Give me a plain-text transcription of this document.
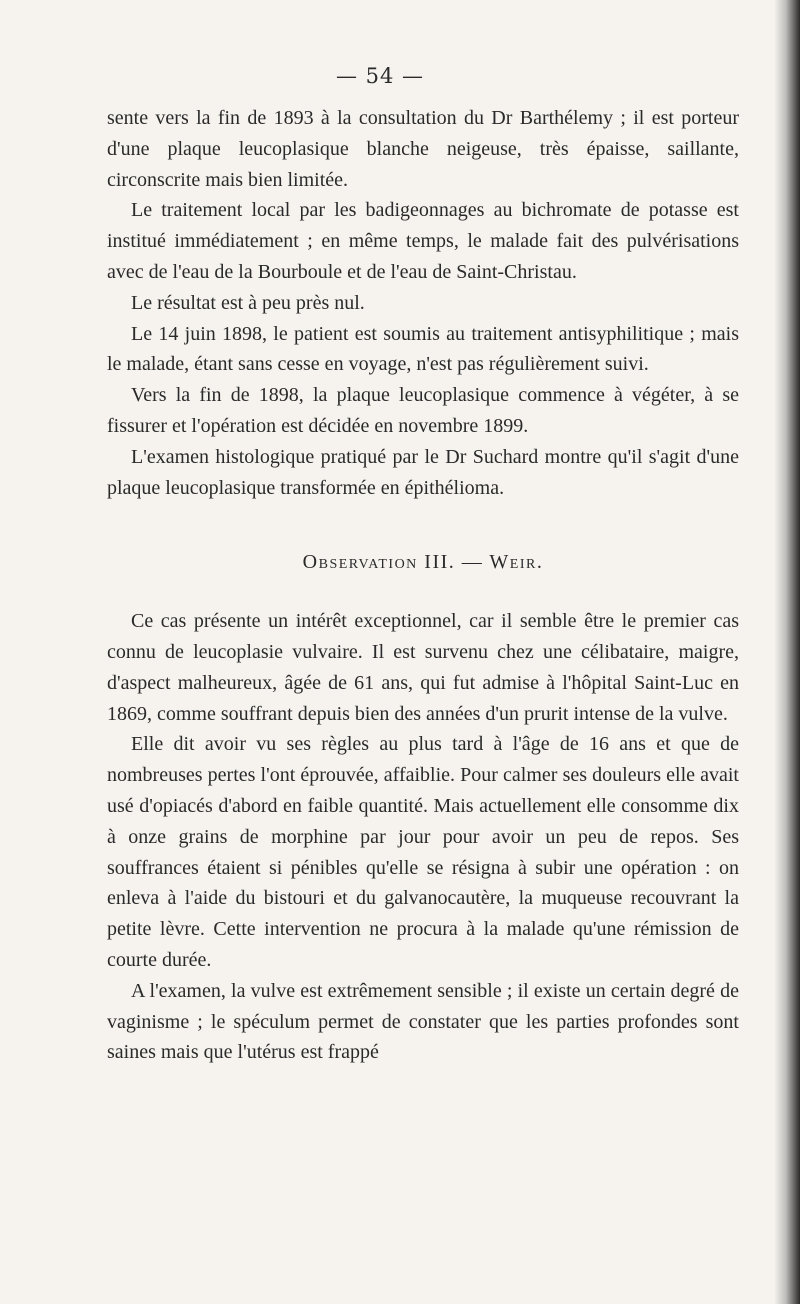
— 54 —

sente vers la fin de 1893 à la consultation du Dr Barthélemy ; il est porteur d'une plaque leucoplasique blanche neigeuse, très épaisse, saillante, circonscrite mais bien limitée.

Le traitement local par les badigeonnages au bichromate de potasse est institué immédiatement ; en même temps, le malade fait des pulvérisations avec de l'eau de la Bourboule et de l'eau de Saint-Christau.

Le résultat est à peu près nul.

Le 14 juin 1898, le patient est soumis au traitement antisyphilitique ; mais le malade, étant sans cesse en voyage, n'est pas régulièrement suivi.

Vers la fin de 1898, la plaque leucoplasique commence à végéter, à se fissurer et l'opération est décidée en novembre 1899.

L'examen histologique pratiqué par le Dr Suchard montre qu'il s'agit d'une plaque leucoplasique transformée en épithélioma.

Observation III. — Weir.

Ce cas présente un intérêt exceptionnel, car il semble être le premier cas connu de leucoplasie vulvaire. Il est survenu chez une célibataire, maigre, d'aspect malheureux, âgée de 61 ans, qui fut admise à l'hôpital Saint-Luc en 1869, comme souffrant depuis bien des années d'un prurit intense de la vulve.

Elle dit avoir vu ses règles au plus tard à l'âge de 16 ans et que de nombreuses pertes l'ont éprouvée, affaiblie. Pour calmer ses douleurs elle avait usé d'opiacés d'abord en faible quantité. Mais actuellement elle consomme dix à onze grains de morphine par jour pour avoir un peu de repos. Ses souffrances étaient si pénibles qu'elle se résigna à subir une opération : on enleva à l'aide du bistouri et du galvanocautère, la muqueuse recouvrant la petite lèvre. Cette intervention ne procura à la malade qu'une rémission de courte durée.

A l'examen, la vulve est extrêmement sensible ; il existe un certain degré de vaginisme ; le spéculum permet de constater que les parties profondes sont saines mais que l'utérus est frappé
